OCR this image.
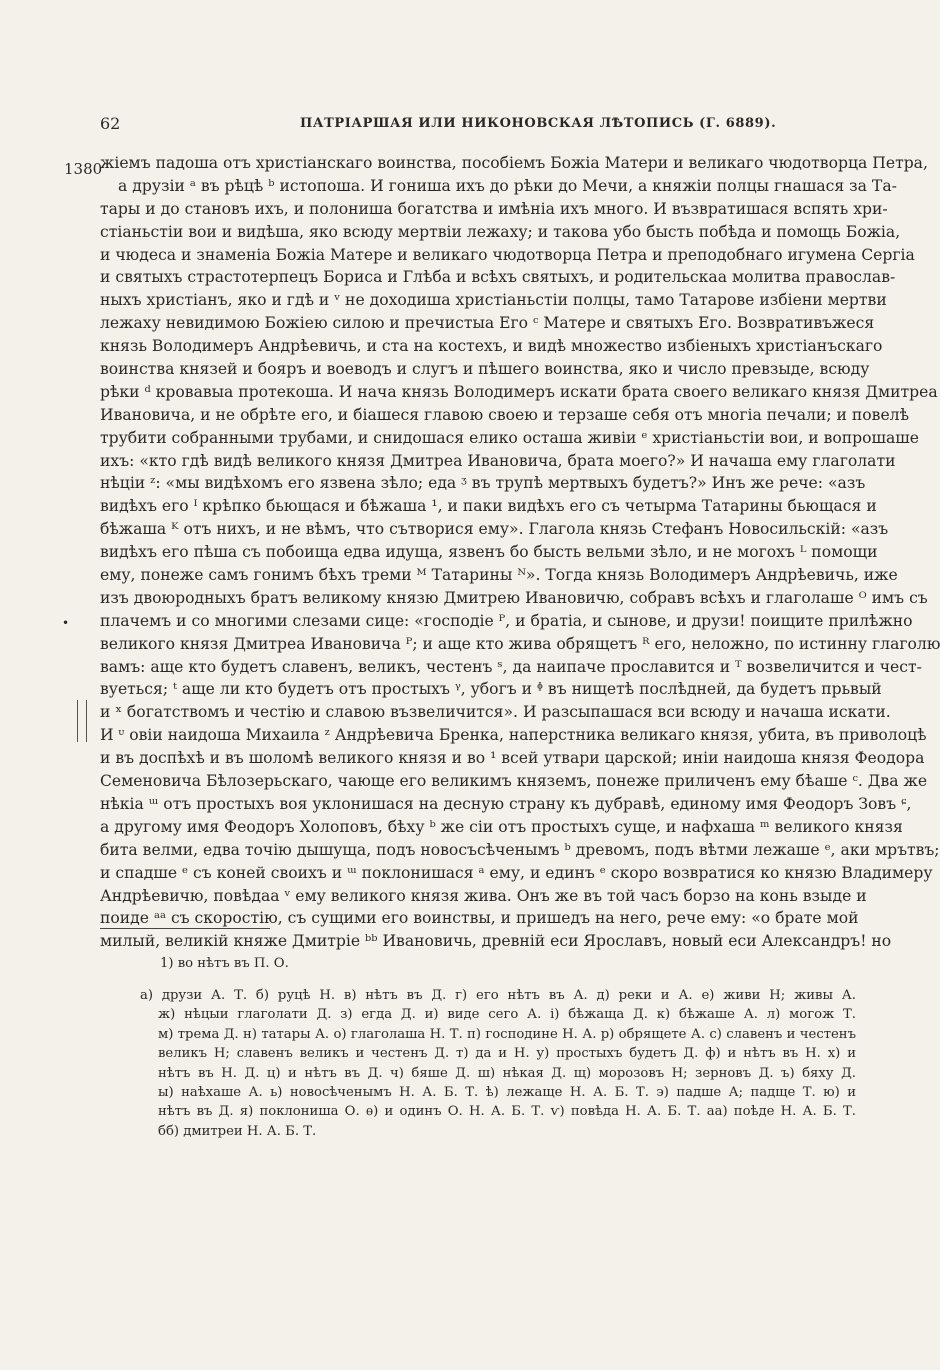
62	ПАТРІАРШАЯ ИЛИ НИКОНОВСКАЯ ЛѢТОПИСЬ (Г. 6889).
1380
•
жіемъ падоша отъ христіанскаго воинства, пособіемъ Божіа Матери и великаго чюдотворца Петра,
а друзіи ᵃ въ рѣцѣ ᵇ истопоша. И гониша ихъ до рѣки до Мечи, а княжіи полцы гнашася за Та-
тары и до становъ ихъ, и полониша богатства и имѣніа ихъ много. И възвратишася вспять хри-
стіаньстіи вои и видѣша, яко всюду мертвіи лежаху; и такова убо бысть побѣда и помощь Божіа,
и чюдеса и знаменіа Божіа Матере и великаго чюдотворца Петра и преподобнаго игумена Сергіа
и святыхъ страстотерпецъ Бориса и Глѣба и всѣхъ святыхъ, и родительскаа молитва православ-
ныхъ христіанъ, яко и гдѣ и ᵛ не доходиша христіаньстіи полцы, тамо Татарове избіени мертви
лежаху невидимою Божіею силою и пречистыа Его ᶜ Матере и святыхъ Его. Возвративъжеся
князь Володимеръ Андрѣевичь, и ста на костехъ, и видѣ множество избіеныхъ христіанъскаго
воинства князей и бояръ и воеводъ и слугъ и пѣшего воинства, яко и число превзыде, всюду
рѣки ᵈ кровавыа протекоша. И нача князь Володимеръ искати брата своего великаго князя Дмитреа
Ивановича, и не обрѣте его, и біашеся главою своею и терзаше себя отъ многіа печали; и повелѣ
трубити собранными трубами, и снидошася елико осташа живіи ᵉ христіаньстіи вои, и вопрошаше
ихъ: «кто гдѣ видѣ великого князя Дмитреа Ивановича, брата моего?» И начаша ему глаголати
нѣціи ᶻ: «мы видѣхомъ его язвена зѣло; еда ᶾ въ трупѣ мертвыхъ будетъ?» Инъ же рече: «азъ
видѣхъ его ᴵ крѣпко бьющася и бѣжаша ¹, и паки видѣхъ его съ четырма Татарины бьющася и
бѣжаша ᴷ отъ нихъ, и не вѣмъ, что сътворися ему». Глагола князь Стефанъ Новосильскій: «азъ
видѣхъ его пѣша съ побоища едва идуща, язвенъ бо бысть вельми зѣло, и не могохъ ᴸ помощи
ему, понеже самъ гонимъ бѣхъ треми ᴹ Татарины ᴺ». Тогда князь Володимеръ Андрѣевичь, иже
изъ двоюродныхъ братъ великому князю Дмитрею Ивановичю, собравъ всѣхъ и глаголаше ᴼ имъ съ
плачемъ и со многими слезами сице: «господіе ᴾ, и братіа, и сынове, и друзи! поищите прилѣжно
великого князя Дмитреа Ивановича ᴾ; и аще кто жива обрящетъ ᴿ его, неложно, по истинну глаголю
вамъ: аще кто будетъ славенъ, великъ, честенъ ˢ, да наипаче прославится и ᵀ возвеличится и чест-
вуеться; ᵗ аще ли кто будетъ отъ простыхъ ᵞ, убогъ и ᶲ въ нищетѣ послѣдней, да будетъ прьвый
и ˣ богатствомъ и честію и славою възвеличится». И разсыпашася вси всюду и начаша искати.
И ᶸ овіи наидоша Михаила ᶻ Андрѣевича Бренка, наперстника великаго князя, убита, въ приволоцѣ
и въ доспѣхѣ и въ шоломѣ великого князя и во ¹ всей утвари царской; иніи наидоша князя Феодора
Семеновича Бѣлозерьскаго, чающе его великимъ княземъ, понеже приличенъ ему бѣаше ᶜ. Два же
нѣкіа ᵚ отъ простыхъ воя уклонишася на десную страну къ дубравѣ, единому имя Феодоръ Зовъ ᶝ,
а другому имя Феодоръ Холоповъ, бѣху ᵇ же сіи отъ простыхъ суще, и нафхаша ᵐ великого князя
бита велми, едва точію дышуща, подъ новосъсѣченымъ ᵇ древомъ, подъ вѣтми лежаше ᵉ, аки мрътвъ;
и спадше ᵉ съ коней своихъ и ᵚ поклонишася ᵃ ему, и единъ ᵉ скоро возвратися ко князю Владимеру
Андрѣевичю, повѣдаа ᵛ ему великого князя жива. Онъ же въ той часъ борзо на конь взыде и
поиде ᵃᵃ съ скоростію, съ сущими его воинствы, и пришедъ на него, рече ему: «о брате мой
милый, великій княже Дмитріе ᵇᵇ Ивановичь, древній еси Ярославъ, новый еси Александръ! но
1) во нѣтъ въ П. О.
а) друзи А. Т. б) руцѣ Н. в) нѣтъ въ Д. г) его нѣтъ въ А. д) реки и А. е) живи Н; живы А.
ж) нѣцыи глаголати Д. з) егда Д. и) виде сего А. і) бѣжаща Д. к) бѣжаше А. л) могож Т.
м) трема Д. н) татары А. о) глаголаша Н. Т. п) господине Н. А. р) обрящете А. с) славенъ и честенъ
великъ Н; славенъ великъ и честенъ Д. т) да и Н. у) простыхъ будетъ Д. ф) и нѣтъ въ Н. х) и
нѣтъ въ Н. Д. ц) и нѣтъ въ Д. ч) бяше Д. ш) нѣкая Д. щ) морозовъ Н; зерновъ Д. ъ) бяху Д.
ы) наѣхаше А. ь) новосѣченымъ Н. А. Б. Т. ѣ) лежаще Н. А. Б. Т. э) падше А; падще Т. ю) и
нѣтъ въ Д. я) поклониша О. ѳ) и одинъ О. Н. А. Б. Т. ѵ) повѣда Н. А. Б. Т. аа) поѣде Н. А. Б. Т.
бб) дмитреи Н. А. Б. Т.
